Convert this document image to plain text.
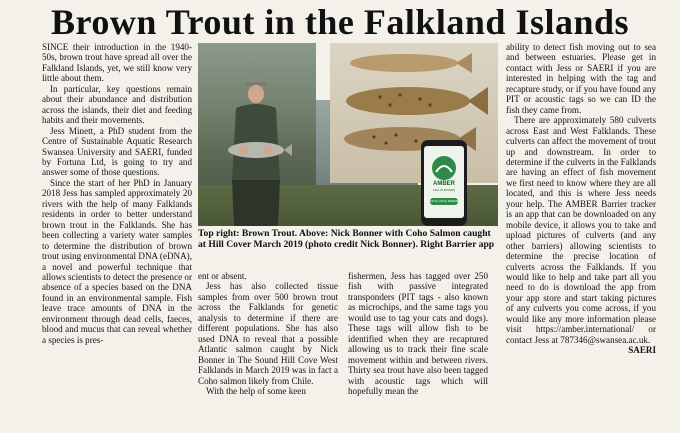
Brown Trout in the Falkland Islands
AMBER
LIFE IN RIVERS
ATLAS LOCAL BARRIERS

Top right: Brown Trout. Above: Nick Bonner with Coho Salmon caught at Hill Cover March 2019 (photo credit Nick Bonner). Right Barrier app

SINCE their introduction in the 1940-50s, brown trout have spread all over the Falkland Islands, yet, we still know very little about them.

In particular, key questions remain about their abundance and distribution across the islands, their diet and feeding habits and their movements.

Jess Minett, a PhD student from the Centre of Sustainable Aquatic Research Swansea University and SAERI, funded by Fortuna Ltd, is going to try and answer some of those questions.

Since the start of her PhD in January 2018 Jess has sampled approximately 20 rivers with the help of many Falklands residents in order to better understand brown trout in the Falklands. She has been collecting a variety water samples to determine the distribution of brown trout using environmental DNA (eDNA), a novel and powerful technique that allows scientists to detect the presence or absence of a species based on the DNA found in an environmental sample. Fish leave trace amounts of DNA in the environment through dead cells, faeces, blood and mucus that can reveal whether a species is pres-

ent or absent.

Jess has also collected tissue samples from over 500 brown trout across the Falklands for genetic analysis to determine if there are different populations. She has also used DNA to reveal that a possible Atlantic salmon caught by Nick Bonner in The Sound Hill Cove West Falklands in March 2019 was in fact a Coho salmon likely from Chile.

With the help of some keen

fishermen, Jess has tagged over 250 fish with passive integrated transponders (PIT tags - also known as microchips, and the same tags you would use to tag your cats and dogs). These tags will allow fish to be identified when they are recaptured allowing us to track their fine scale movement within and between rivers. Thirty sea trout have also been tagged with acoustic tags which will hopefully mean the

ability to detect fish moving out to sea and between estuaries. Please get in contact with Jess or SAERI if you are interested in helping with the tag and recapture study, or if you have found any PIT or acoustic tags so we can ID the fish they came from.

There are approximately 580 culverts across East and West Falklands. These culverts can affect the movement of trout up and downstream. In order to determine if the culverts in the Falklands are having an effect of fish movement we first need to know where they are all located, and this is where Jess needs your help. The AMBER Barrier tracker is an app that can be downloaded on any mobile device, it allows you to take and upload pictures of culverts (and any other barriers) allowing scientists to determine the precise location of culverts across the Falklands. If you would like to help and take part all you need to do is download the app from your app store and start taking pictures of any culverts you come across, if you would like any more information please visit https://amber.international/ or contact Jess at 787346@swansea.ac.uk.

SAERI
